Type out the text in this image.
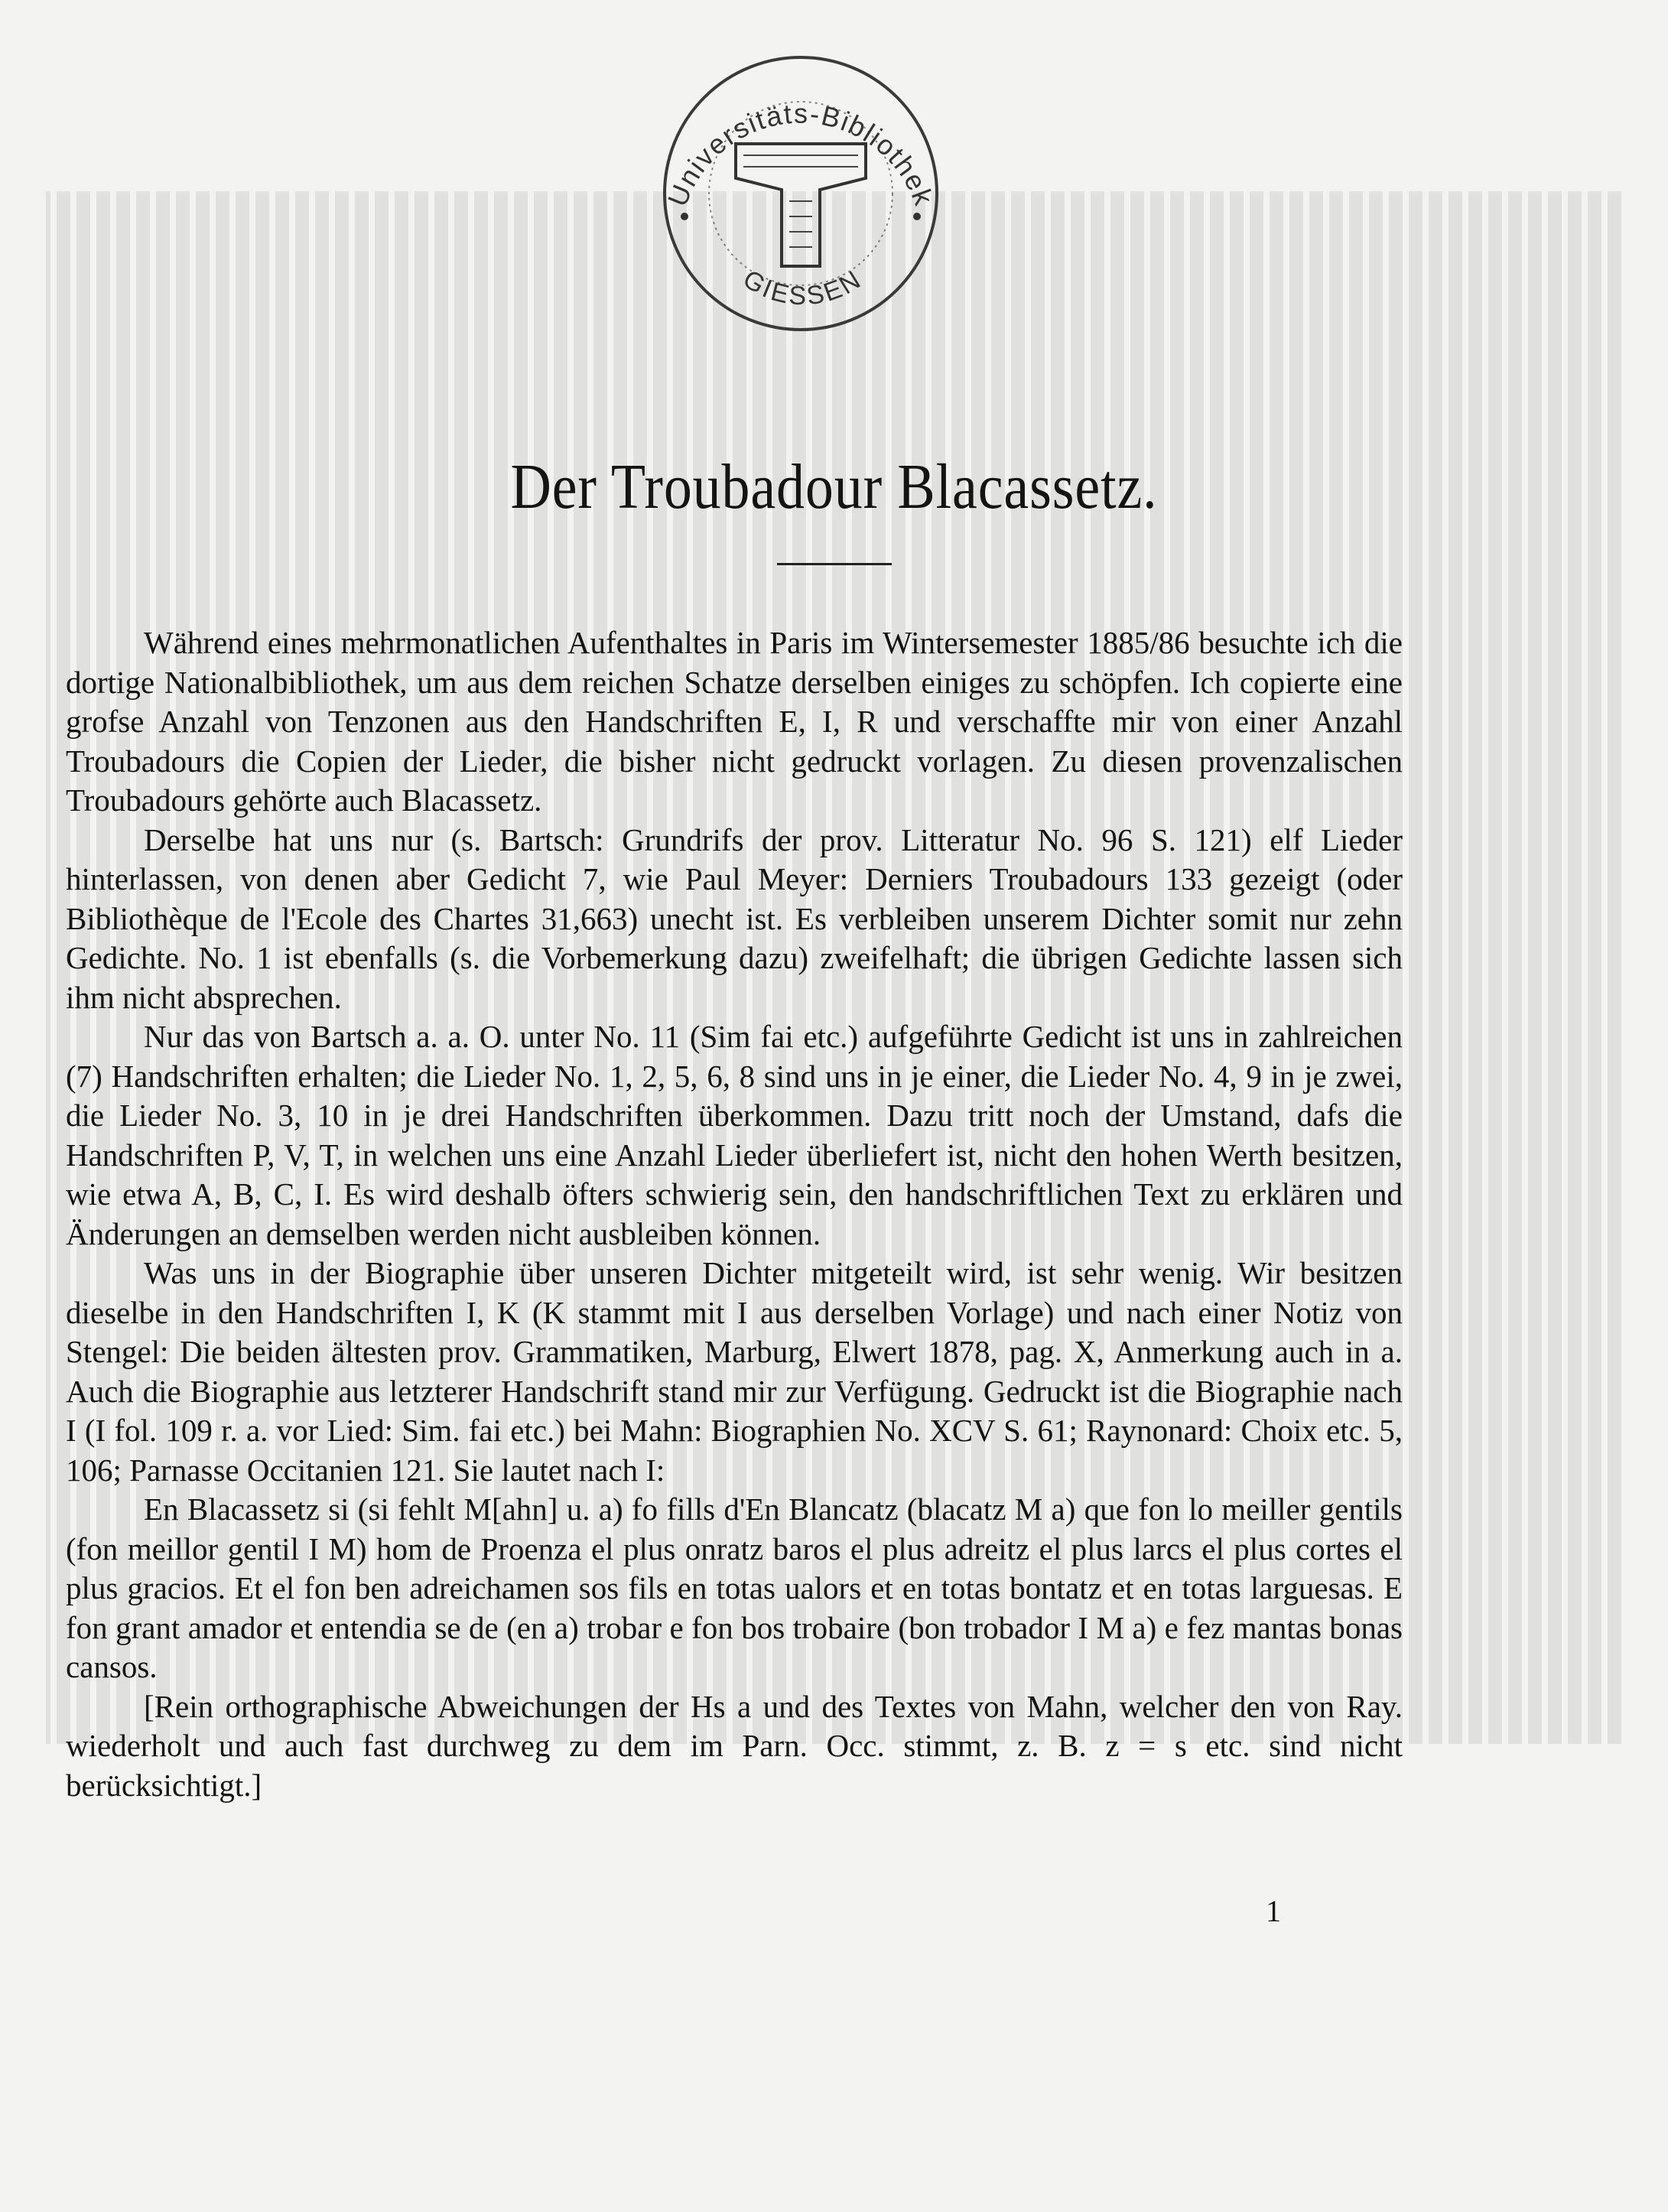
Universitäts-Bibliothek
GIESSEN
Der Troubadour Blacassetz.

Während eines mehrmonatlichen Aufenthaltes in Paris im Wintersemester 1885/86 besuchte ich die dortige Nationalbibliothek, um aus dem reichen Schatze derselben einiges zu schöpfen. Ich copierte eine grofse Anzahl von Tenzonen aus den Handschriften E, I, R und verschaffte mir von einer Anzahl Troubadours die Copien der Lieder, die bisher nicht gedruckt vorlagen. Zu diesen provenzalischen Troubadours gehörte auch Blacassetz.

Derselbe hat uns nur (s. Bartsch: Grundrifs der prov. Litteratur No. 96 S. 121) elf Lieder hinterlassen, von denen aber Gedicht 7, wie Paul Meyer: Derniers Troubadours 133 gezeigt (oder Bibliothèque de l'Ecole des Chartes 31,663) unecht ist. Es verbleiben unserem Dichter somit nur zehn Gedichte. No. 1 ist ebenfalls (s. die Vorbemerkung dazu) zweifelhaft; die übrigen Gedichte lassen sich ihm nicht absprechen.

Nur das von Bartsch a. a. O. unter No. 11 (Sim fai etc.) aufgeführte Gedicht ist uns in zahlreichen (7) Handschriften erhalten; die Lieder No. 1, 2, 5, 6, 8 sind uns in je einer, die Lieder No. 4, 9 in je zwei, die Lieder No. 3, 10 in je drei Handschriften überkommen. Dazu tritt noch der Umstand, dafs die Handschriften P, V, T, in welchen uns eine Anzahl Lieder überliefert ist, nicht den hohen Werth besitzen, wie etwa A, B, C, I. Es wird deshalb öfters schwierig sein, den handschriftlichen Text zu erklären und Änderungen an demselben werden nicht ausbleiben können.

Was uns in der Biographie über unseren Dichter mitgeteilt wird, ist sehr wenig. Wir besitzen dieselbe in den Handschriften I, K (K stammt mit I aus derselben Vorlage) und nach einer Notiz von Stengel: Die beiden ältesten prov. Grammatiken, Marburg, Elwert 1878, pag. X, Anmerkung auch in a. Auch die Biographie aus letzterer Handschrift stand mir zur Verfügung. Gedruckt ist die Biographie nach I (I fol. 109 r. a. vor Lied: Sim. fai etc.) bei Mahn: Biographien No. XCV S. 61; Raynonard: Choix etc. 5, 106; Parnasse Occitanien 121. Sie lautet nach I:

En Blacassetz si (si fehlt M[ahn] u. a) fo fills d'En Blancatz (blacatz M a) que fon lo meiller gentils (fon meillor gentil I M) hom de Proenza el plus onratz baros el plus adreitz el plus larcs el plus cortes el plus gracios. Et el fon ben adreichamen sos fils en totas ualors et en totas bontatz et en totas larguesas. E fon grant amador et entendia se de (en a) trobar e fon bos trobaire (bon trobador I M a) e fez mantas bonas cansos.

[Rein orthographische Abweichungen der Hs a und des Textes von Mahn, welcher den von Ray. wiederholt und auch fast durchweg zu dem im Parn. Occ. stimmt, z. B. z = s etc. sind nicht berücksichtigt.]

1
